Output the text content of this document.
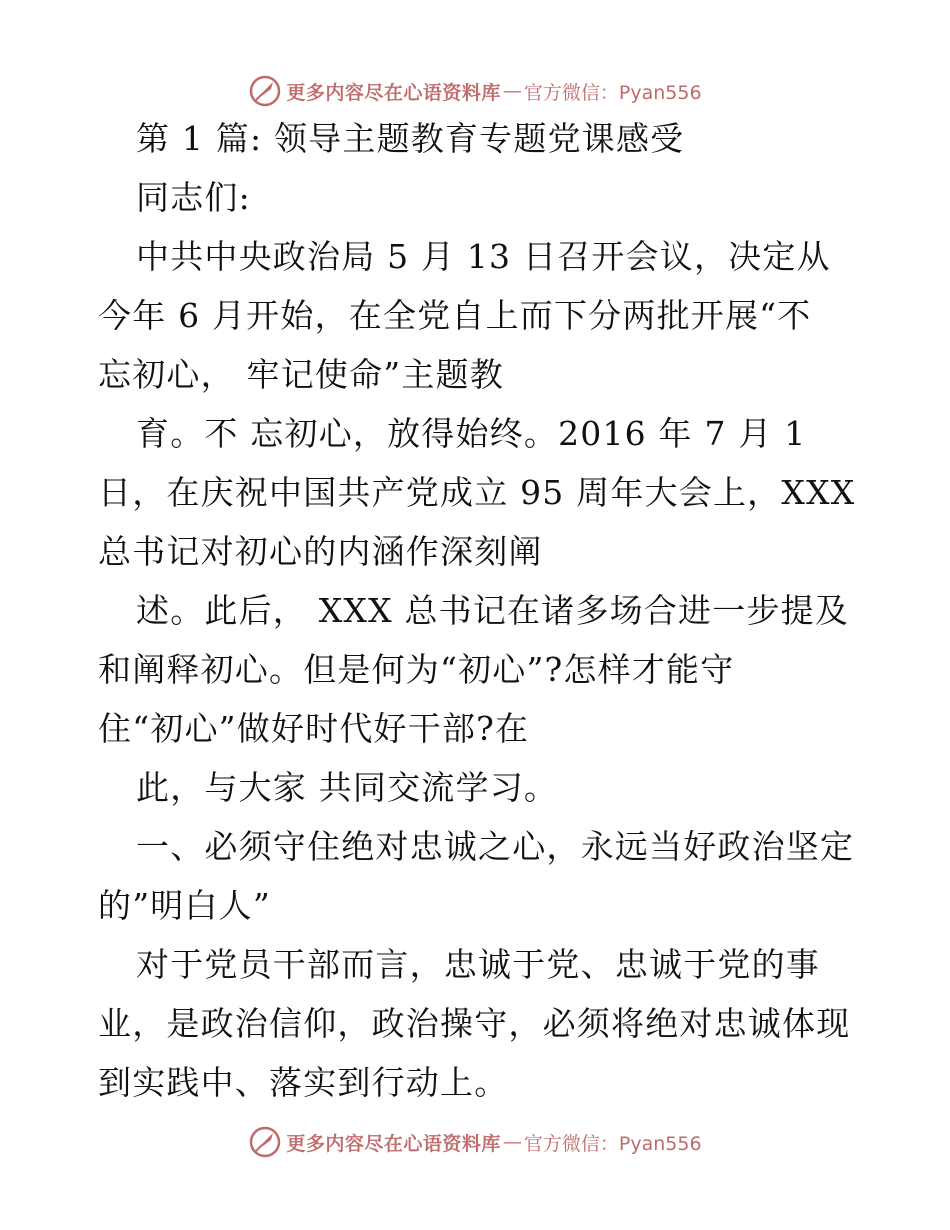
更多内容尽在心语资料库 — 官方微信：Pyan556
第 1 篇: 领导主题教育专题党课感受
同志们:
中共中央政治局 5 月 13 日召开会议，决定从
今年 6 月开始，在全党自上而下分两批开展“不
忘初心， 牢记使命”主题教
育。不 忘初心，放得始终。2016 年 7 月 1
日，在庆祝中国共产党成立 95 周年大会上，XXX
总书记对初心的内涵作深刻阐
述。此后， XXX 总书记在诸多场合进一步提及
和阐释初心。但是何为“初心”?怎样才能守
住“初心”做好时代好干部?在
此，与大家 共同交流学习。
一、必须守住绝对忠诚之心，永远当好政治坚定
的”明白人”
对于党员干部而言，忠诚于党、忠诚于党的事
业，是政治信仰，政治操守，必须将绝对忠诚体现
到实践中、落实到行动上。
更多内容尽在心语资料库 — 官方微信：Pyan556
